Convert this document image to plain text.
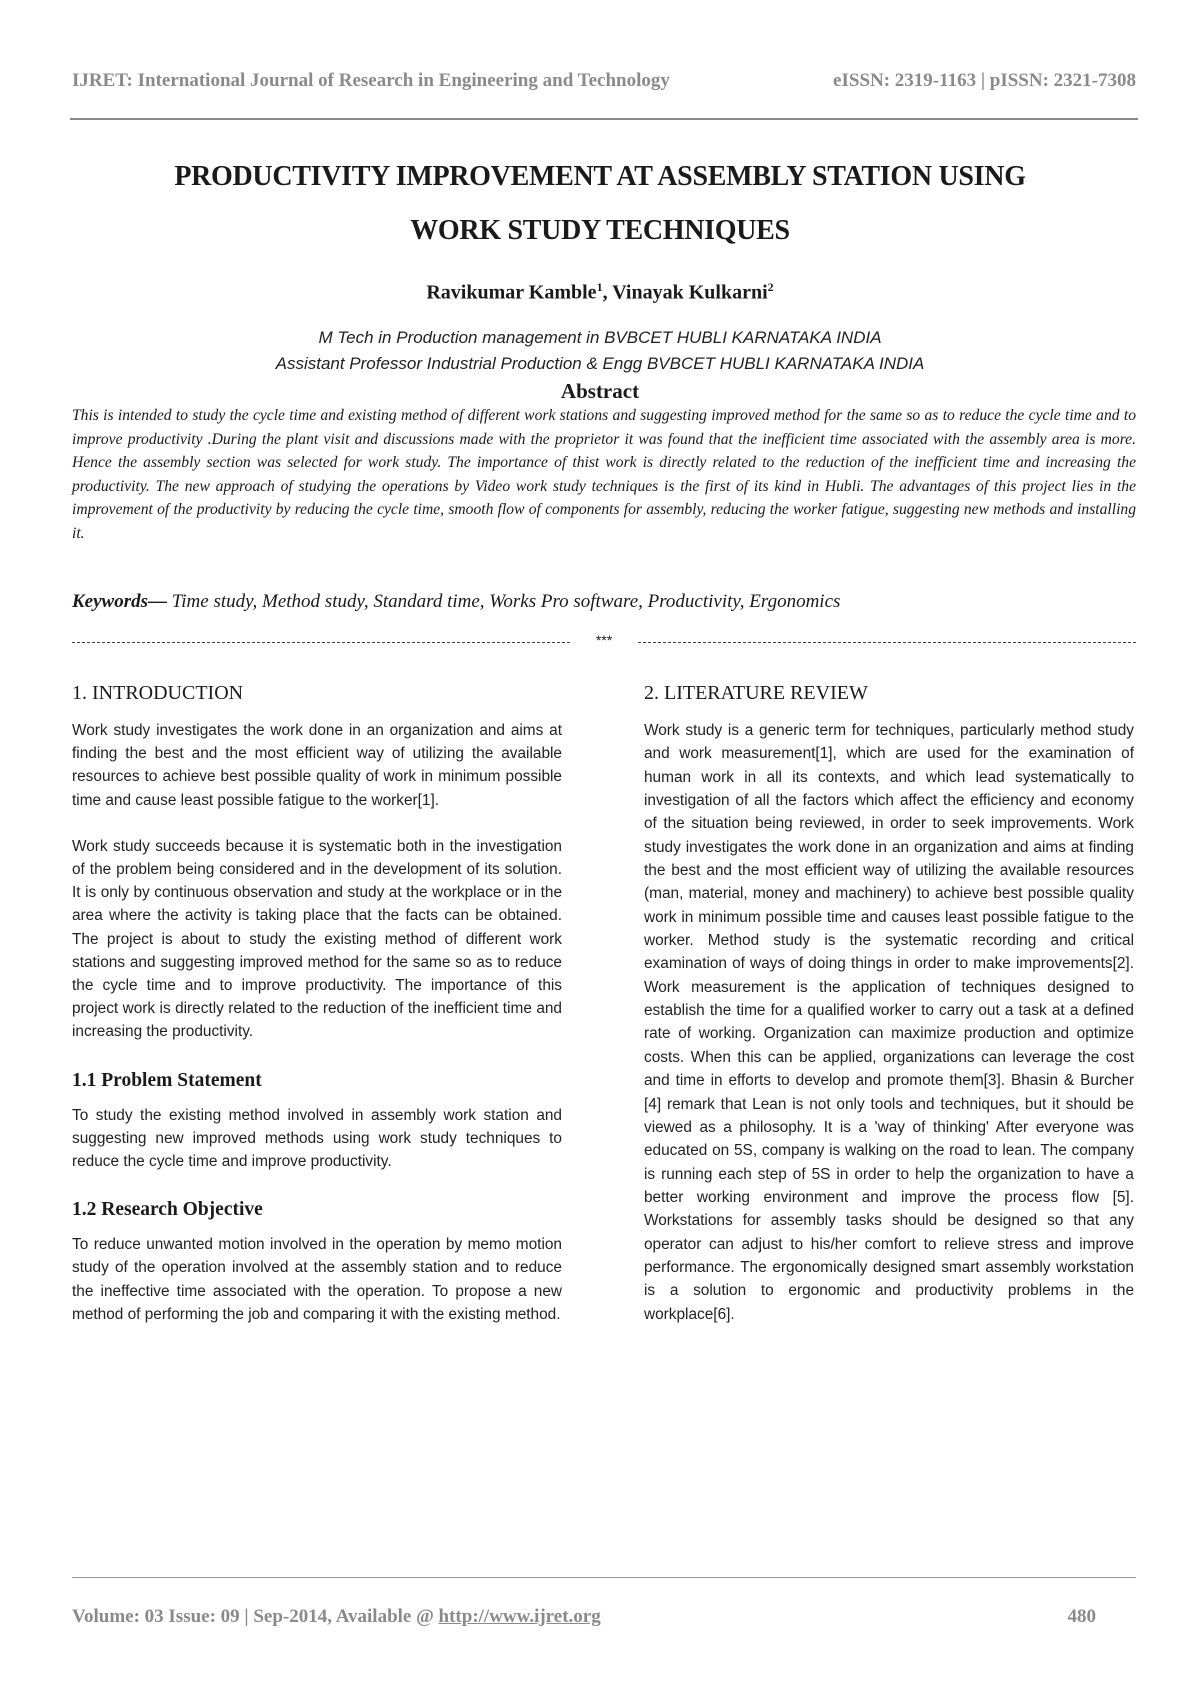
IJRET: International Journal of Research in Engineering and Technology	eISSN: 2319-1163 | pISSN: 2321-7308
PRODUCTIVITY IMPROVEMENT AT ASSEMBLY STATION USING
WORK STUDY TECHNIQUES
Ravikumar Kamble$^1$, Vinayak Kulkarni$^2$
M Tech in Production management in BVBCET HUBLI KARNATAKA INDIA
Assistant Professor Industrial Production & Engg BVBCET HUBLI KARNATAKA INDIA
Abstract
This is intended to study the cycle time and existing method of different work stations and suggesting improved method for the same so as to reduce the cycle time and to improve productivity .During the plant visit and discussions made with the proprietor it was found that the inefficient time associated with the assembly area is more. Hence the assembly section was selected for work study. The importance of thist work is directly related to the reduction of the inefficient time and increasing the productivity. The new approach of studying the operations by Video work study techniques is the first of its kind in Hubli. The advantages of this project lies in the improvement of the productivity by reducing the cycle time, smooth flow of components for assembly, reducing the worker fatigue, suggesting new methods and installing it.
Keywords— Time study, Method study, Standard time, Works Pro software, Productivity, Ergonomics
***
1. INTRODUCTION

Work study investigates the work done in an organization and aims at finding the best and the most efficient way of utilizing the available resources to achieve best possible quality of work in minimum possible time and cause least possible fatigue to the worker[1].

Work study succeeds because it is systematic both in the investigation of the problem being considered and in the development of its solution. It is only by continuous observation and study at the workplace or in the area where the activity is taking place that the facts can be obtained. The project is about to study the existing method of different work stations and suggesting improved method for the same so as to reduce the cycle time and to improve productivity. The importance of this project work is directly related to the reduction of the inefficient time and increasing the productivity.

1.1 Problem Statement

To study the existing method involved in assembly work station and suggesting new improved methods using work study techniques to reduce the cycle time and improve productivity.

1.2 Research Objective

To reduce unwanted motion involved in the operation by memo motion study of the operation involved at the assembly station and to reduce the ineffective time associated with the operation. To propose a new method of performing the job and comparing it with the existing method.

2. LITERATURE REVIEW

Work study is a generic term for techniques, particularly method study and work measurement[1], which are used for the examination of human work in all its contexts, and which lead systematically to investigation of all the factors which affect the efficiency and economy of the situation being reviewed, in order to seek improvements. Work study investigates the work done in an organization and aims at finding the best and the most efficient way of utilizing the available resources (man, material, money and machinery) to achieve best possible quality work in minimum possible time and causes least possible fatigue to the worker. Method study is the systematic recording and critical examination of ways of doing things in order to make improvements[2]. Work measurement is the application of techniques designed to establish the time for a qualified worker to carry out a task at a defined rate of working. Organization can maximize production and optimize costs. When this can be applied, organizations can leverage the cost and time in efforts to develop and promote them[3]. Bhasin & Burcher [4] remark that Lean is not only tools and techniques, but it should be viewed as a philosophy. It is a 'way of thinking' After everyone was educated on 5S, company is walking on the road to lean. The company is running each step of 5S in order to help the organization to have a better working environment and improve the process flow [5]. Workstations for assembly tasks should be designed so that any operator can adjust to his/her comfort to relieve stress and improve performance. The ergonomically designed smart assembly workstation is a solution to ergonomic and productivity problems in the workplace[6].

Volume: 03 Issue: 09 | Sep-2014, Available @ http://www.ijret.org	480
